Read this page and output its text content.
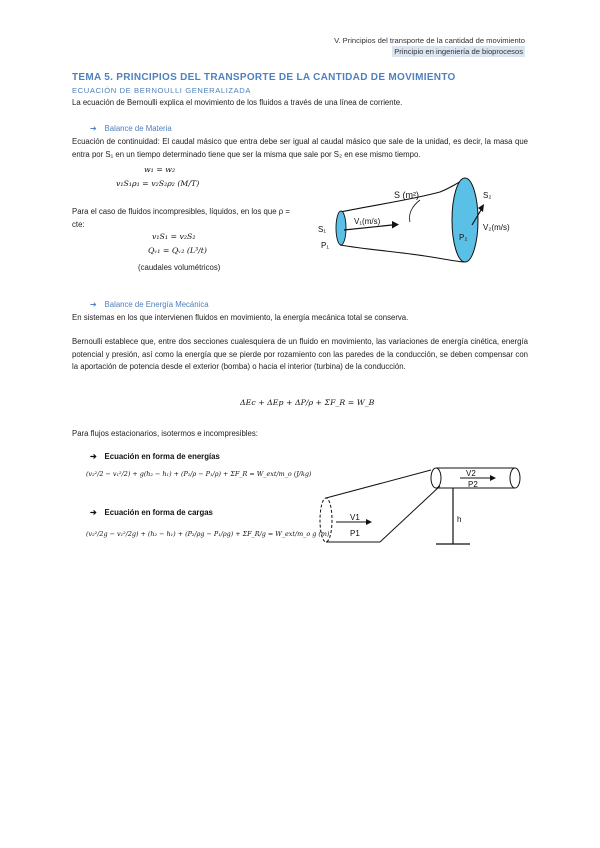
V. Principios del transporte de la cantidad de movimiento
Principio en ingeniería de bioprocesos
TEMA 5. PRINCIPIOS DEL TRANSPORTE DE LA CANTIDAD DE MOVIMIENTO
ECUACIÓN DE BERNOULLI GENERALIZADA
La ecuación de Bernoulli explica el movimiento de los fluidos a través de una línea de corriente.
➔ Balance de Materia
Ecuación de continuidad: El caudal másico que entra debe ser igual al caudal másico que sale de la unidad, es decir, la masa que entra por S₁ en un tiempo determinado tiene que ser la misma que sale por S₂ en ese mismo tiempo.
w₁ = w₂
v₁S₁ρ₁ = v₂S₂ρ₂ (M/T)
Para el caso de fluidos incompresibles, líquidos, en los que ρ = cte:
v₁S₁ = v₂S₂
Qᵥ₁ = Qᵥ₂ (L³/t)
(caudales volumétricos)
S (m²)
S₁
P₁
V₁(m/s)
S₂
P₂
V₂(m/s)
➔ Balance de Energía Mecánica
En sistemas en los que intervienen fluidos en movimiento, la energía mecánica total se conserva.
Bernoulli establece que, entre dos secciones cualesquiera de un fluido en movimiento, las variaciones de energía cinética, energía potencial y presión, así como la energía que se pierde por rozamiento con las paredes de la conducción, se deben compensar con la aportación de potencia desde el exterior (bomba) o hacia el interior (turbina) de la conducción.
ΔEc + ΔEp + ΔP/ρ + ΣF_R = W_B
Para flujos estacionarios, isotermos e incompresibles:
➔ Ecuación en forma de energías
(v₂²/2 − v₁²/2) + g(h₂ − h₁) + (P₂/ρ − P₁/ρ) + ΣF_R = W_ext/m_o (J/kg)
➔ Ecuación en forma de cargas
(v₂²/2g − v₁²/2g) + (h₂ − h₁) + (P₂/ρg − P₁/ρg) + ΣF_R/g = W_ext/m_o g (m)
V2
P2
V1
P1
h
